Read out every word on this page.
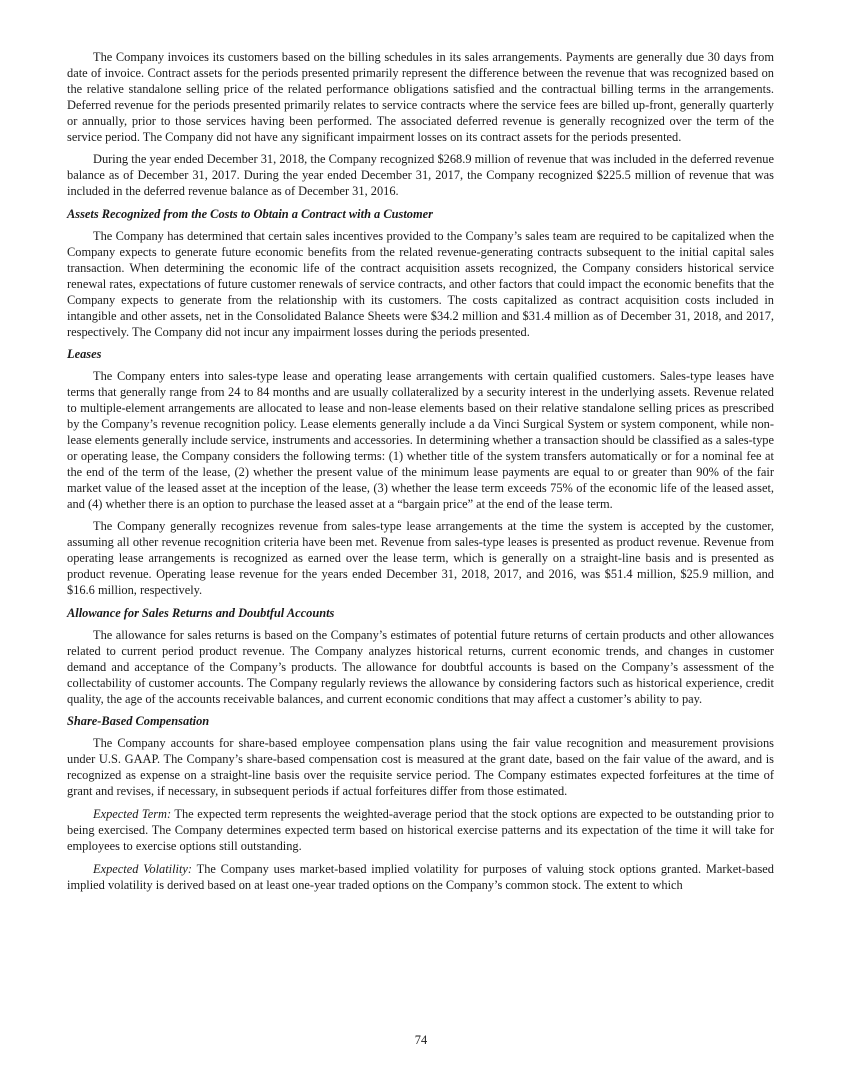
The Company invoices its customers based on the billing schedules in its sales arrangements. Payments are generally due 30 days from date of invoice. Contract assets for the periods presented primarily represent the difference between the revenue that was recognized based on the relative standalone selling price of the related performance obligations satisfied and the contractual billing terms in the arrangements. Deferred revenue for the periods presented primarily relates to service contracts where the service fees are billed up-front, generally quarterly or annually, prior to those services having been performed. The associated deferred revenue is generally recognized over the term of the service period. The Company did not have any significant impairment losses on its contract assets for the periods presented.

During the year ended December 31, 2018, the Company recognized $268.9 million of revenue that was included in the deferred revenue balance as of December 31, 2017. During the year ended December 31, 2017, the Company recognized $225.5 million of revenue that was included in the deferred revenue balance as of December 31, 2016.

Assets Recognized from the Costs to Obtain a Contract with a Customer

The Company has determined that certain sales incentives provided to the Company’s sales team are required to be capitalized when the Company expects to generate future economic benefits from the related revenue-generating contracts subsequent to the initial capital sales transaction. When determining the economic life of the contract acquisition assets recognized, the Company considers historical service renewal rates, expectations of future customer renewals of service contracts, and other factors that could impact the economic benefits that the Company expects to generate from the relationship with its customers. The costs capitalized as contract acquisition costs included in intangible and other assets, net in the Consolidated Balance Sheets were $34.2 million and $31.4 million as of December 31, 2018, and 2017, respectively. The Company did not incur any impairment losses during the periods presented.

Leases

The Company enters into sales-type lease and operating lease arrangements with certain qualified customers. Sales-type leases have terms that generally range from 24 to 84 months and are usually collateralized by a security interest in the underlying assets. Revenue related to multiple-element arrangements are allocated to lease and non-lease elements based on their relative standalone selling prices as prescribed by the Company’s revenue recognition policy. Lease elements generally include a da Vinci Surgical System or system component, while non-lease elements generally include service, instruments and accessories. In determining whether a transaction should be classified as a sales-type or operating lease, the Company considers the following terms: (1) whether title of the system transfers automatically or for a nominal fee at the end of the term of the lease, (2) whether the present value of the minimum lease payments are equal to or greater than 90% of the fair market value of the leased asset at the inception of the lease, (3) whether the lease term exceeds 75% of the economic life of the leased asset, and (4) whether there is an option to purchase the leased asset at a “bargain price” at the end of the lease term.

The Company generally recognizes revenue from sales-type lease arrangements at the time the system is accepted by the customer, assuming all other revenue recognition criteria have been met. Revenue from sales-type leases is presented as product revenue. Revenue from operating lease arrangements is recognized as earned over the lease term, which is generally on a straight-line basis and is presented as product revenue. Operating lease revenue for the years ended December 31, 2018, 2017, and 2016, was $51.4 million, $25.9 million, and $16.6 million, respectively.

Allowance for Sales Returns and Doubtful Accounts

The allowance for sales returns is based on the Company’s estimates of potential future returns of certain products and other allowances related to current period product revenue. The Company analyzes historical returns, current economic trends, and changes in customer demand and acceptance of the Company’s products. The allowance for doubtful accounts is based on the Company’s assessment of the collectability of customer accounts. The Company regularly reviews the allowance by considering factors such as historical experience, credit quality, the age of the accounts receivable balances, and current economic conditions that may affect a customer’s ability to pay.

Share-Based Compensation

The Company accounts for share-based employee compensation plans using the fair value recognition and measurement provisions under U.S. GAAP. The Company’s share-based compensation cost is measured at the grant date, based on the fair value of the award, and is recognized as expense on a straight-line basis over the requisite service period. The Company estimates expected forfeitures at the time of grant and revises, if necessary, in subsequent periods if actual forfeitures differ from those estimated.

Expected Term: The expected term represents the weighted-average period that the stock options are expected to be outstanding prior to being exercised. The Company determines expected term based on historical exercise patterns and its expectation of the time it will take for employees to exercise options still outstanding.

Expected Volatility: The Company uses market-based implied volatility for purposes of valuing stock options granted. Market-based implied volatility is derived based on at least one-year traded options on the Company’s common stock. The extent to which

74
